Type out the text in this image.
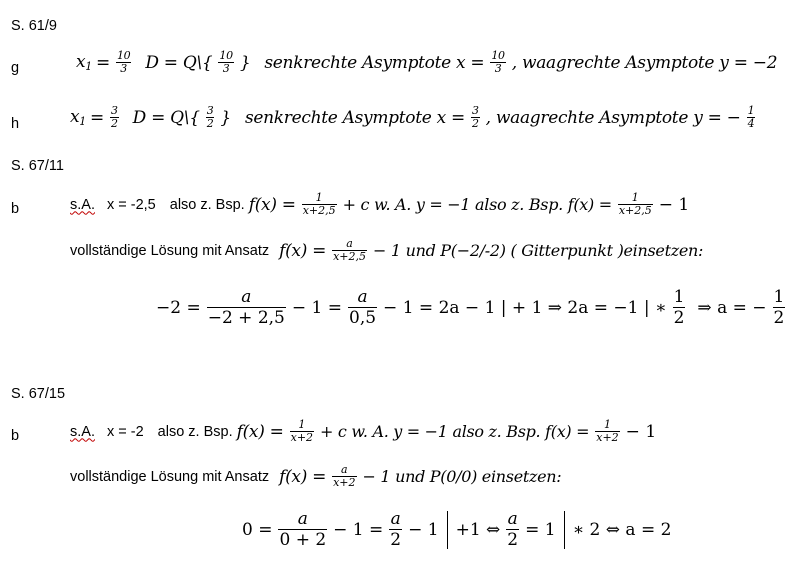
S. 61/9
S. 67/11
S. 67/15
g	$x_1 = \frac{10}{3}$ D = Q\{ $\frac{10}{3}$ } senkrechte Asymptote $x = \frac{10}{3}$ , waagrechte Asymptote y = −2
h	$x_1 = \frac{3}{2}$ D = Q\{ $\frac{3}{2}$ } senkrechte Asymptote $x = \frac{3}{2}$ , waagrechte Asymptote y = − $\frac{1}{4}$
b	s.A. x = -2,5 also z. Bsp. $f(x) = \frac{1}{x+2,5} + c$ w. A. y = −1 also z. Bsp. $f(x) = \frac{1}{x+2,5} - 1$
vollständige Lösung mit Ansatz $f(x) = \frac{a}{x+2,5} - 1$ und P(−2/-2) ( Gitterpunkt )einsetzen:
$-2 = \frac{a}{-2 + 2,5} - 1 = \frac{a}{0,5} - 1 = 2a - 1$ | + 1 ⇒ 2a = −1 | ∗ $\frac{1}{2}$ ⇒ a = − $\frac{1}{2}$
b	s.A. x = -2 also z. Bsp. $f(x) = \frac{1}{x+2} + c$ w. A. y = −1 also z. Bsp. $f(x) = \frac{1}{x+2} - 1$
vollständige Lösung mit Ansatz $f(x) = \frac{a}{x+2} - 1$ und P(0/0) einsetzen:
$0 = \frac{a}{0 + 2} - 1 = \frac{a}{2} - 1 +1$ ⇔ $\frac{a}{2} = 1$ ∗ 2 ⇔ a = 2
